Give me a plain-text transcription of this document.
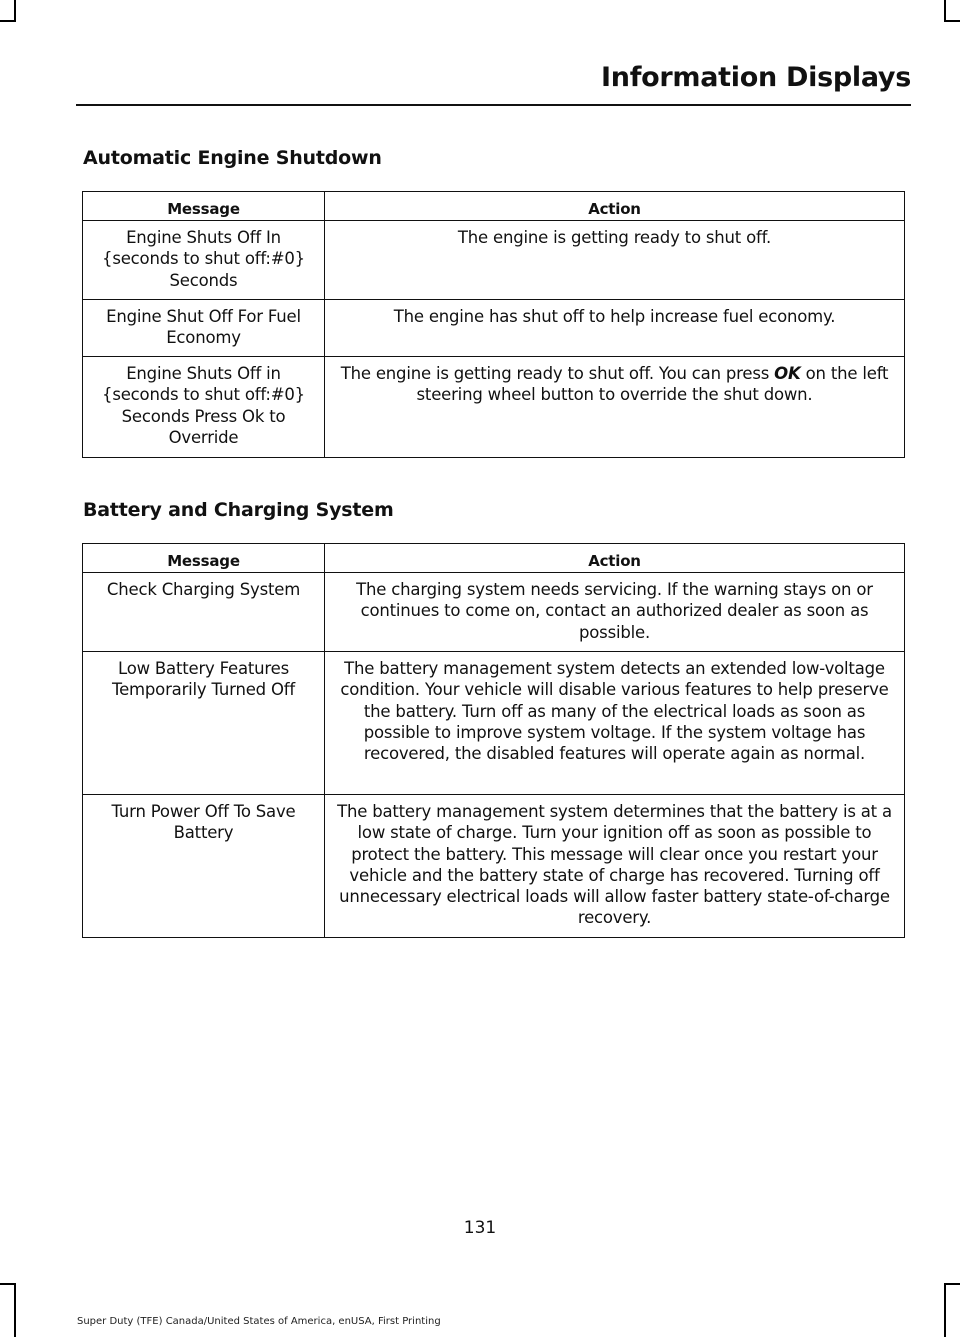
Information Displays
Automatic Engine Shutdown
Message	Action
Engine Shuts Off In {seconds to shut off:#0} Seconds	The engine is getting ready to shut off.
Engine Shut Off For Fuel Economy	The engine has shut off to help increase fuel economy.
Engine Shuts Off in {seconds to shut off:#0} Seconds Press Ok to Override	The engine is getting ready to shut off. You can press OK on the left steering wheel button to override the shut down.
Battery and Charging System
Message	Action
Check Charging System	The charging system needs servicing. If the warning stays on or continues to come on, contact an authorized dealer as soon as possible.
Low Battery Features Temporarily Turned Off	The battery management system detects an extended low-voltage condition. Your vehicle will disable various features to help preserve the battery. Turn off as many of the electrical loads as soon as possible to improve system voltage. If the system voltage has recovered, the disabled features will operate again as normal.
Turn Power Off To Save Battery	The battery management system determines that the battery is at a low state of charge. Turn your ignition off as soon as possible to protect the battery. This message will clear once you restart your vehicle and the battery state of charge has recovered. Turning off unnecessary electrical loads will allow faster battery state-of-charge recovery.
131
Super Duty (TFE) Canada/United States of America, enUSA, First Printing
